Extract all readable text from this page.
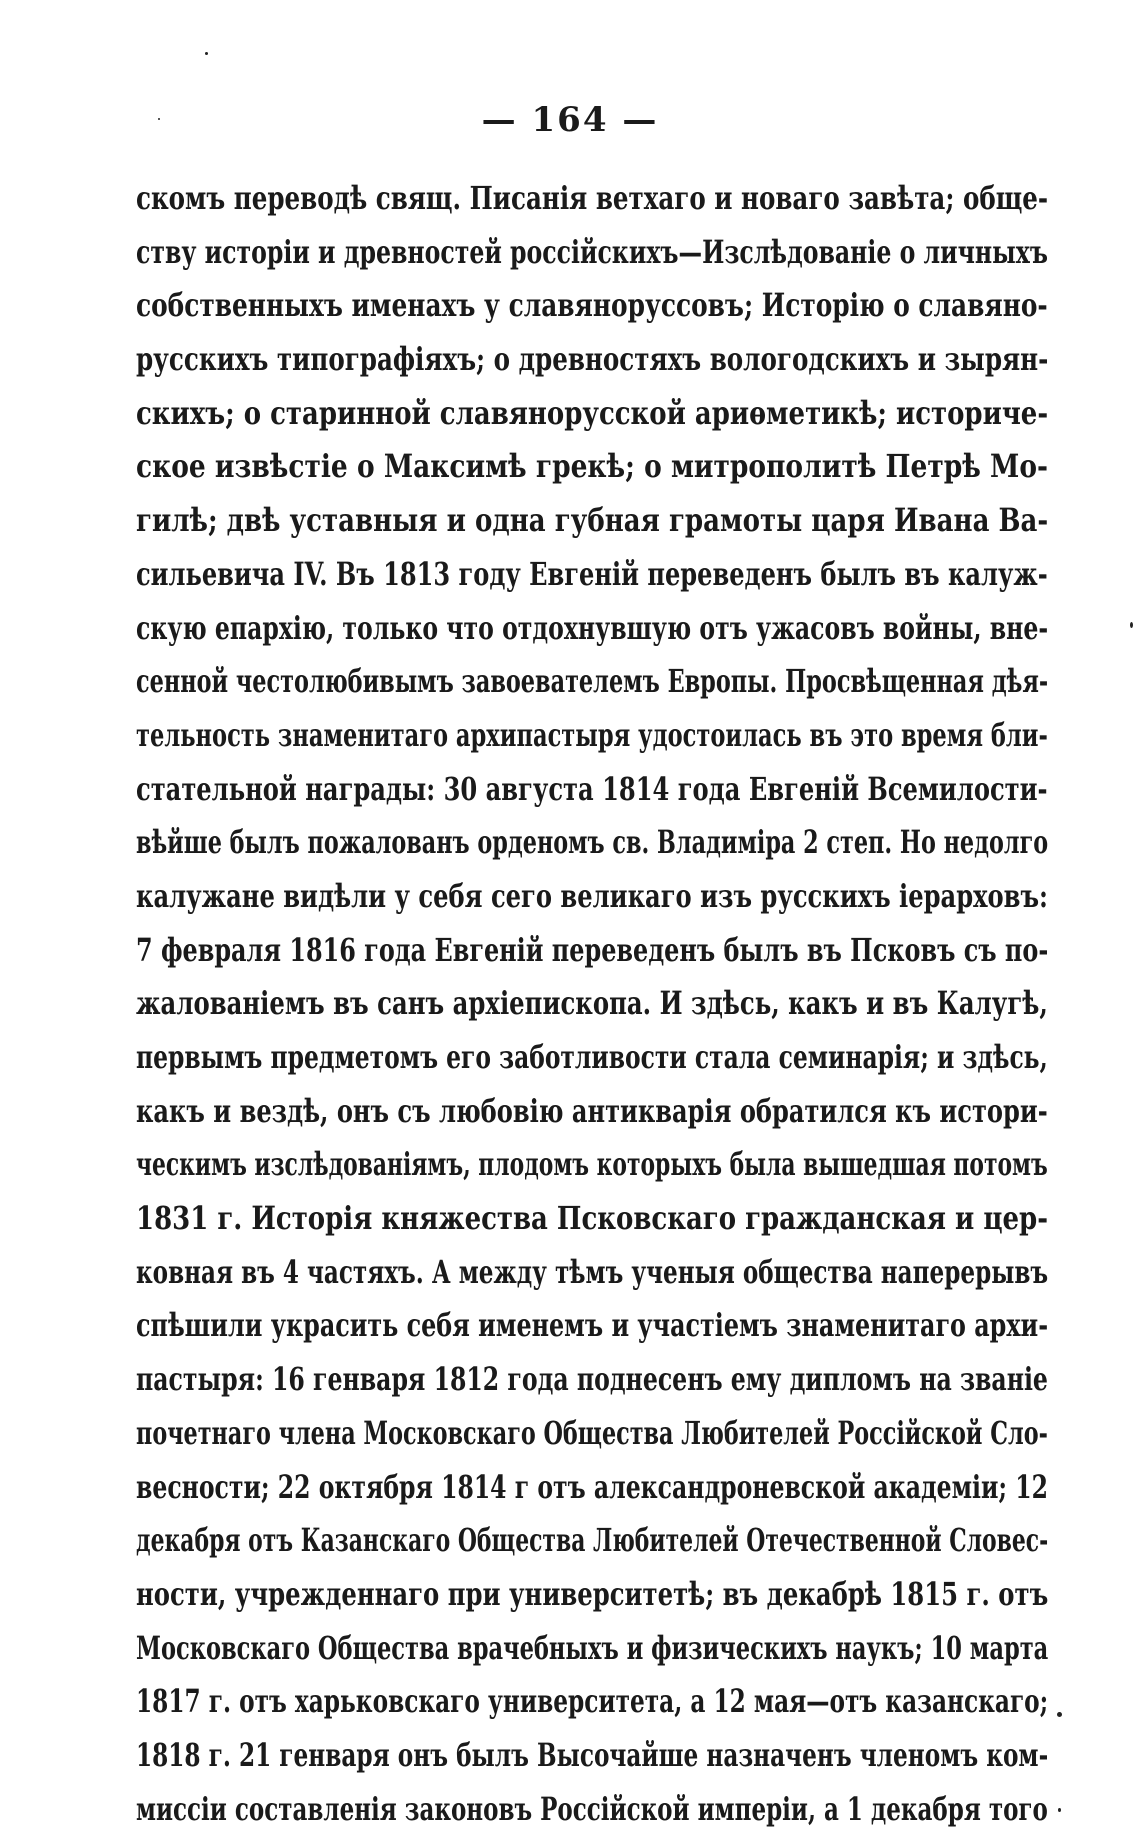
— 164 —
скомъ переводѣ свящ. Писанія ветхаго и новаго завѣта; обще-
ству исторіи и древностей россійскихъ—Изслѣдованіе о личныхъ
собственныхъ именахъ у славяноруссовъ; Исторію о славяно-
русскихъ типографіяхъ; о древностяхъ вологодскихъ и зырян-
скихъ; о старинной славянорусской ариѳметикѣ; историче-
ское извѣстіе о Максимѣ грекѣ; о митрополитѣ Петрѣ Мо-
гилѣ; двѣ уставныя и одна губная грамоты царя Ивана Ва-
сильевича IV. Въ 1813 году Евгеній переведенъ былъ въ калуж-
скую епархію, только что отдохнувшую отъ ужасовъ войны, вне-
сенной честолюбивымъ завоевателемъ Европы. Просвѣщенная дѣя-
тельность знаменитаго архипастыря удостоилась въ это время бли-
стательной награды: 30 августа 1814 года Евгеній Всемилости-
вѣйше былъ пожалованъ орденомъ св. Владиміра 2 степ. Но недолго
калужане видѣли у себя сего великаго изъ русскихъ іерарховъ:
7 февраля 1816 года Евгеній переведенъ былъ въ Псковъ съ по-
жалованіемъ въ санъ архіепископа. И здѣсь, какъ и въ Калугѣ,
первымъ предметомъ его заботливости стала семинарія; и здѣсь,
какъ и вездѣ, онъ съ любовію антикварія обратился къ истори-
ческимъ изслѣдованіямъ, плодомъ которыхъ была вышедшая потомъ
1831 г. Исторія княжества Псковскаго гражданская и цер-
ковная въ 4 частяхъ. А между тѣмъ ученыя общества наперерывъ
спѣшили украсить себя именемъ и участіемъ знаменитаго архи-
пастыря: 16 генваря 1812 года поднесенъ ему дипломъ на званіе
почетнаго члена Московскаго Общества Любителей Россійской Сло-
весности; 22 октября 1814 г отъ александроневской академіи; 12
декабря отъ Казанскаго Общества Любителей Отечественной Словес-
ности, учрежденнаго при университетѣ; въ декабрѣ 1815 г. отъ
Московскаго Общества врачебныхъ и физическихъ наукъ; 10 марта
1817 г. отъ харьковскаго университета, а 12 мая—отъ казанскаго;
1818 г. 21 генваря онъ былъ Высочайше назначенъ членомъ ком-
миссіи составленія законовъ Россійской имперіи, а 1 декабря того
